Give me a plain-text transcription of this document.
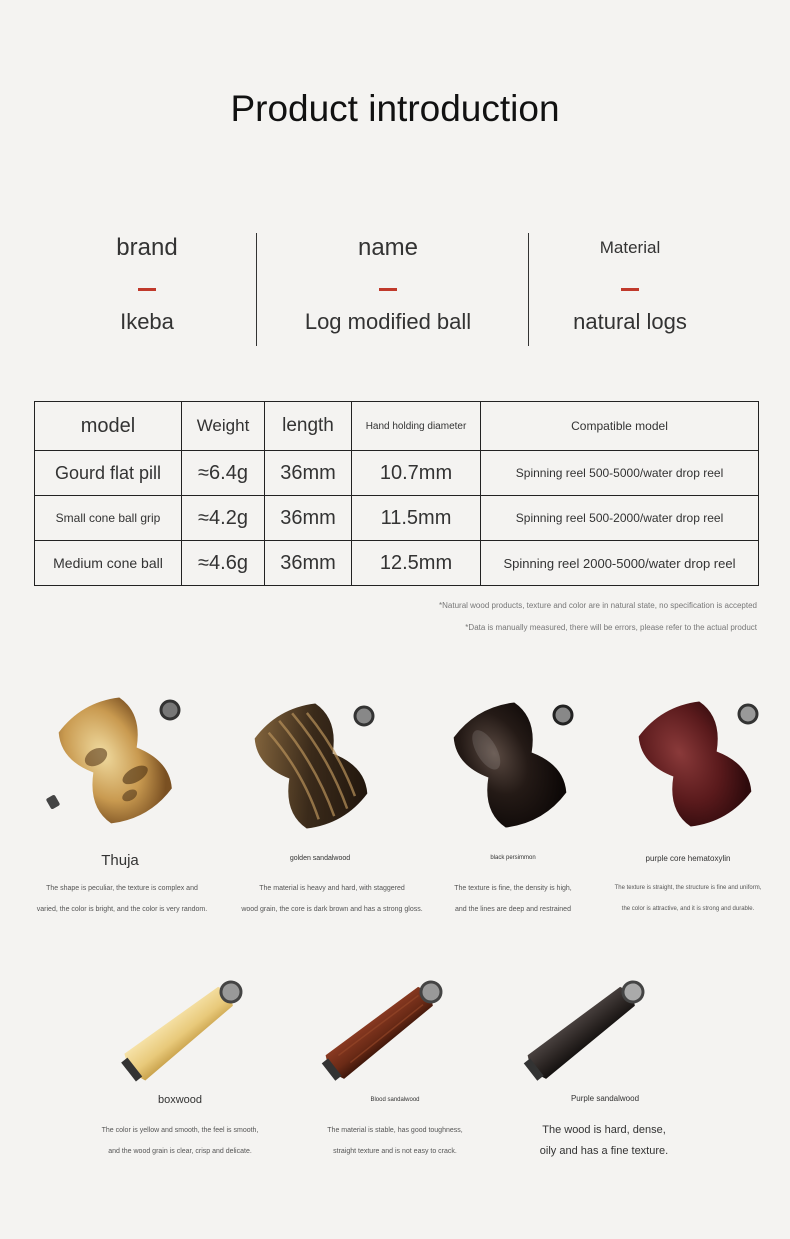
Product introduction
brand
Ikeba
name
Log modified ball
Material
natural logs
model	Weight	length	Hand holding diameter	Compatible model
Gourd flat pill	≈6.4g	36mm	10.7mm	Spinning reel 500-5000/water drop reel
Small cone ball grip	≈4.2g	36mm	11.5mm	Spinning reel 500-2000/water drop reel
Medium cone ball	≈4.6g	36mm	12.5mm	Spinning reel 2000-5000/water drop reel
*Natural wood products, texture and color are in natural state, no specification is accepted
*Data is manually measured, there will be errors, please refer to the actual product
Thuja	golden sandalwood	black persimmon	purple core hematoxylin
The shape is peculiar, the texture is complex and
varied, the color is bright, and the color is very random.
The material is heavy and hard, with staggered
wood grain, the core is dark brown and has a strong gloss.
The texture is fine, the density is high,
and the lines are deep and restrained
The texture is straight, the structure is fine and uniform,
the color is attractive, and it is strong and durable.
boxwood	Blood sandalwood	Purple sandalwood
The color is yellow and smooth, the feel is smooth,
and the wood grain is clear, crisp and delicate.
The material is stable, has good toughness,
straight texture and is not easy to crack.
The wood is hard, dense,
oily and has a fine texture.
